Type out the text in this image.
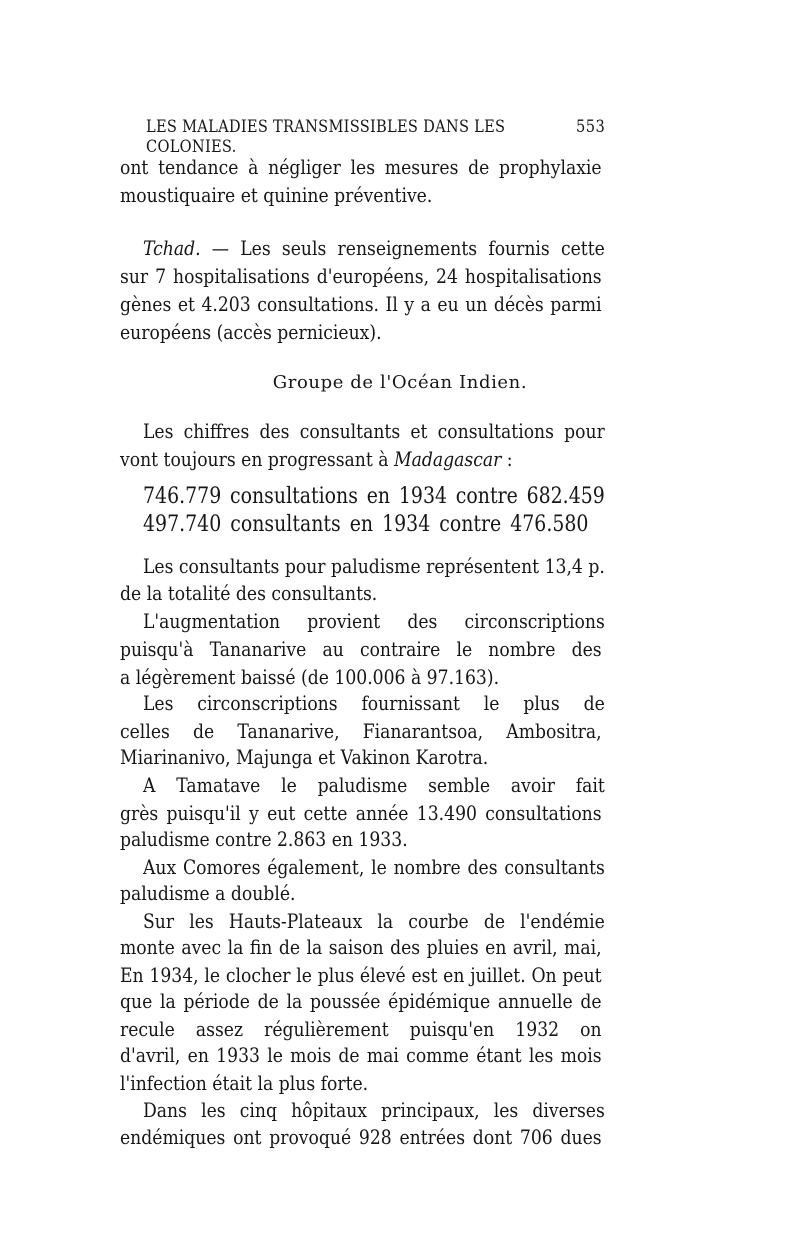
LES MALADIES TRANSMISSIBLES DANS LES COLONIES.
553
ont tendance à négliger les mesures de prophylaxie
moustiquaire et quinine préventive.
Tchad. — Les seuls renseignements fournis cette
sur 7 hospitalisations d'européens, 24 hospitalisations
gènes et 4.203 consultations. Il y a eu un décès parmi
européens (accès pernicieux).
Groupe de l'Océan Indien.
Les chiffres des consultants et consultations pour
vont toujours en progressant à Madagascar :
746.779 consultations en 1934 contre 682.459
497.740 consultants en 1934 contre 476.580
Les consultants pour paludisme représentent 13,4 p.
de la totalité des consultants.
L'augmentation provient des circonscriptions
puisqu'à Tananarive au contraire le nombre des
a légèrement baissé (de 100.006 à 97.163).
Les circonscriptions fournissant le plus de
celles de Tananarive, Fianarantsoa, Ambositra,
Miarinanivo, Majunga et Vakinon Karotra.
A Tamatave le paludisme semble avoir fait
grès puisqu'il y eut cette année 13.490 consultations
paludisme contre 2.863 en 1933.
Aux Comores également, le nombre des consultants
paludisme a doublé.
Sur les Hauts-Plateaux la courbe de l'endémie
monte avec la fin de la saison des pluies en avril, mai,
En 1934, le clocher le plus élevé est en juillet. On peut
que la période de la poussée épidémique annuelle de
recule assez régulièrement puisqu'en 1932 on
d'avril, en 1933 le mois de mai comme étant les mois
l'infection était la plus forte.
Dans les cinq hôpitaux principaux, les diverses
endémiques ont provoqué 928 entrées dont 706 dues
